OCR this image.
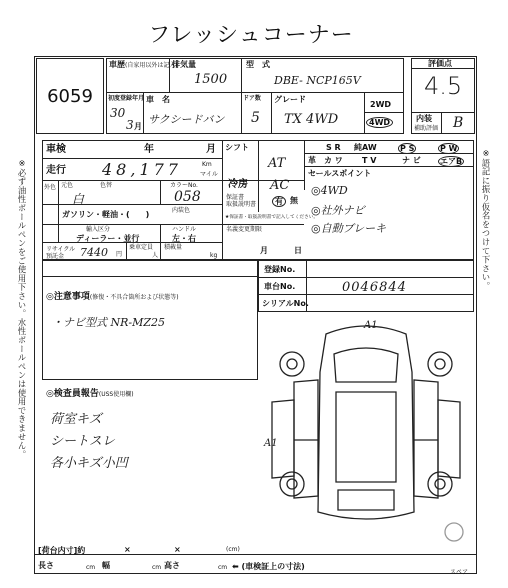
フレッシュコーナー
6059
車歴(自家用以外は記入)
排気量
1500
型　式
DBE- NCP165V
初度登録年月
30
3 月
車　名
サクシードバン
ドア数
5
グレード
TX 4WD
2WD
4WD
評価点
4.5
内装
補助評価 B
車検	年	月
走行 48,177	Km
マイル
シフト
AT
冷房 AC
S R 純AW	P S	P W
革 カ ワ T V	ナ ビ エアB
保証書
取扱説明書	有 無
★保証書・取扱説明書で記入してください。
セールスポイント
◎4WD
◎社外ナビ
◎自動ブレーキ
外色 元色	色替
白
カラーNo.
058
ガソリン・軽油・(　　)	内装色
輸入区分
ディーラー・並行
ハンドル
左・右
名義変更期限
月	日
リサイクル預託金	7440 円
乗車定員
人
積載量
kg
登録No.
車台No.	0046844
シリアルNo.
◎注意事項(修復・不具合箇所および状態等)
・ナビ型式 NR-MZ25
◎検査員報告(USS使用欄)
荷室キズ
シートスレ
各小キズ小凹
A1
A1
スペア
※必ず油性ボールペンをご使用下さい。水性ボールペンは使用できません。	※語記に振り仮名をつけて下さい。
[荷台内寸]約	×	×	(cm)
長さ	cm 幅	cm 高さ	cm ⬅ (車検証上の寸法)
